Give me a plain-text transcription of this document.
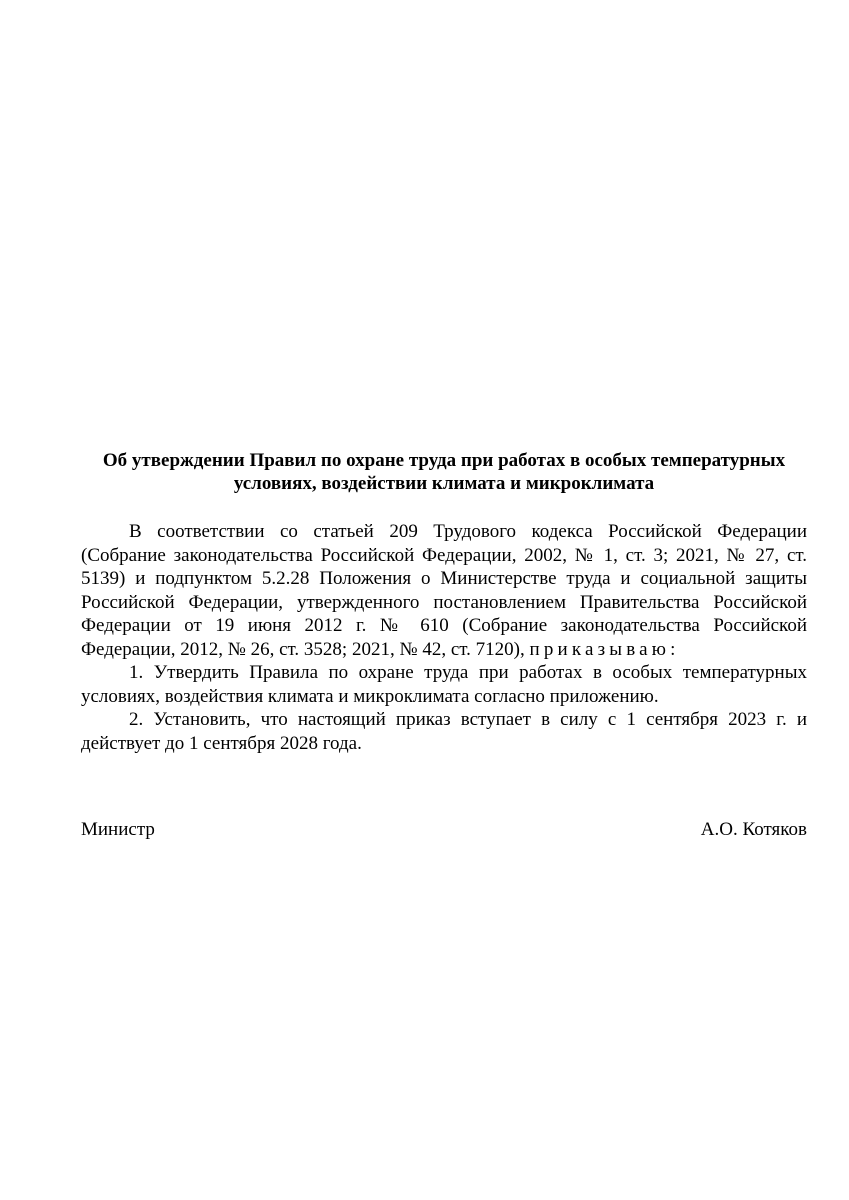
Об утверждении Правил по охране труда при работах в особых температурных
условиях, воздействии климата и микроклимата

В соответствии со статьей 209 Трудового кодекса Российской Федерации (Собрание законодательства Российской Федерации, 2002, № 1, ст. 3; 2021, № 27, ст. 5139) и подпунктом 5.2.28 Положения о Министерстве труда и социальной защиты Российской Федерации, утвержденного постановлением Правительства Российской Федерации от 19 июня 2012 г. № 610 (Собрание законодательства Российской Федерации, 2012, № 26, ст. 3528; 2021, № 42, ст. 7120), приказываю:

1. Утвердить Правила по охране труда при работах в особых температурных условиях, воздействия климата и микроклимата согласно приложению.

2. Установить, что настоящий приказ вступает в силу с 1 сентября 2023 г. и действует до 1 сентября 2028 года.

Министр	А.О. Котяков
